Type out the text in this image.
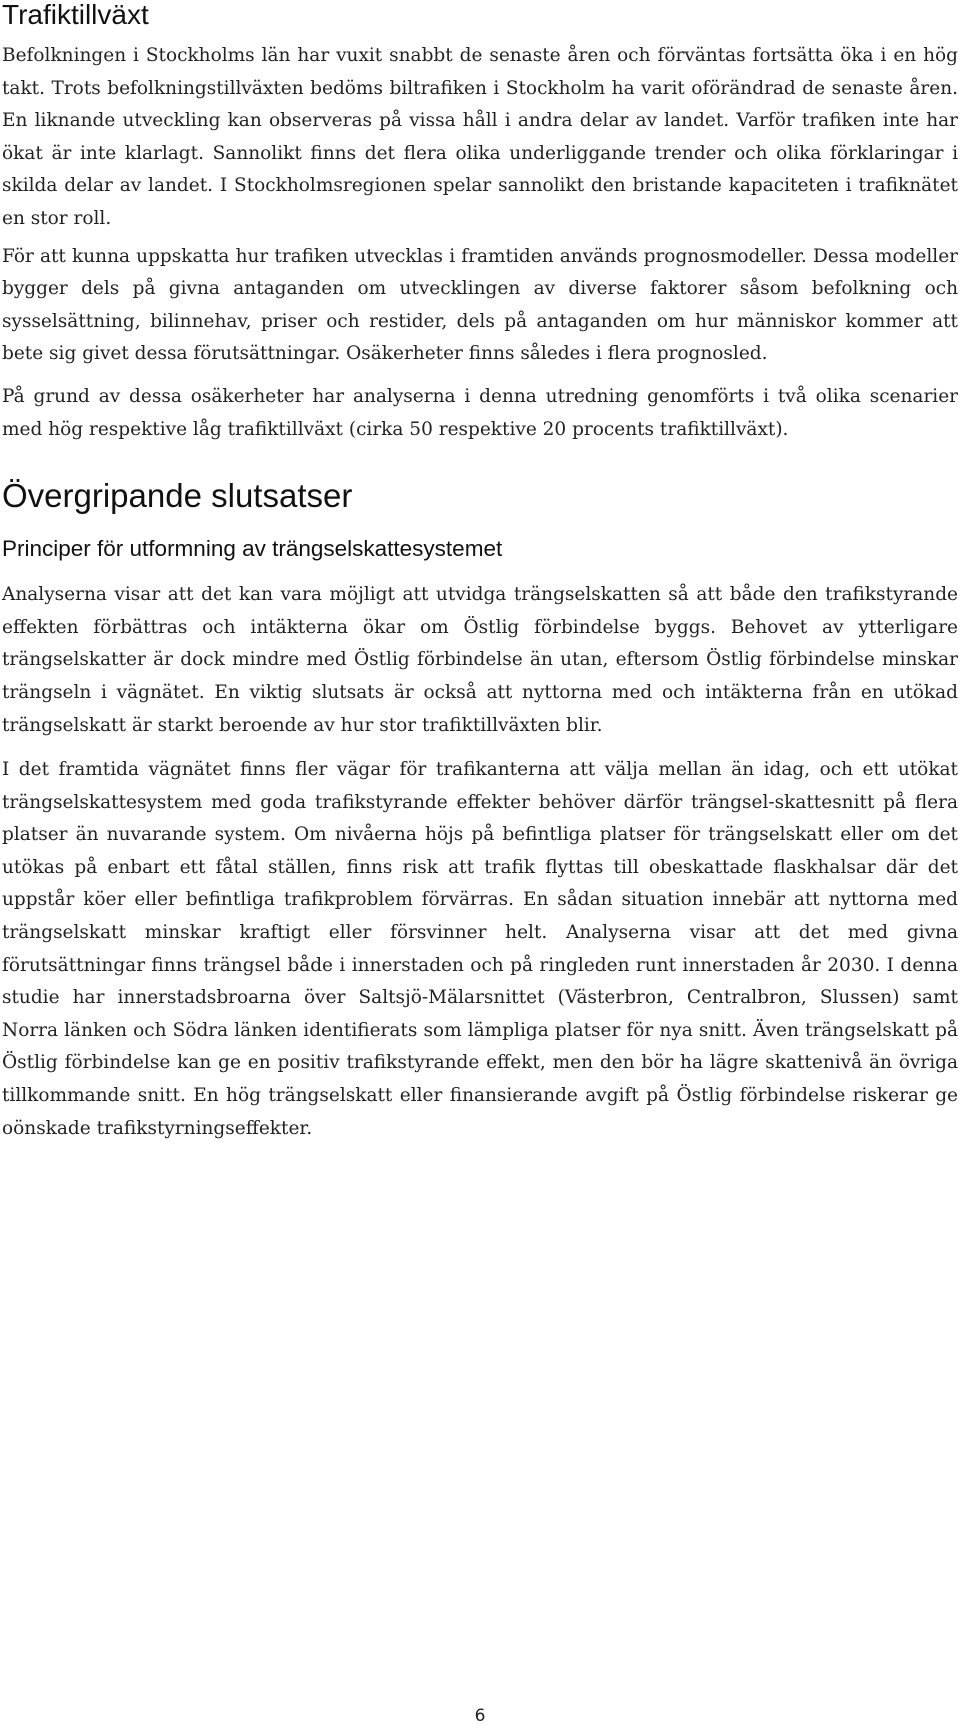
Trafiktillväxt

Befolkningen i Stockholms län har vuxit snabbt de senaste åren och förväntas fortsätta öka i en hög takt. Trots befolkningstillväxten bedöms biltrafiken i Stockholm ha varit oförändrad de senaste åren. En liknande utveckling kan observeras på vissa håll i andra delar av landet. Varför trafiken inte har ökat är inte klarlagt. Sannolikt finns det flera olika underliggande trender och olika förklaringar i skilda delar av landet. I Stockholmsregionen spelar sannolikt den bristande kapaciteten i trafiknätet en stor roll.

För att kunna uppskatta hur trafiken utvecklas i framtiden används prognosmodeller. Dessa modeller bygger dels på givna antaganden om utvecklingen av diverse faktorer såsom befolkning och sysselsättning, bilinnehav, priser och restider, dels på antaganden om hur människor kommer att bete sig givet dessa förutsättningar. Osäkerheter finns således i flera prognosled.

På grund av dessa osäkerheter har analyserna i denna utredning genomförts i två olika scenarier med hög respektive låg trafiktillväxt (cirka 50 respektive 20 procents trafiktillväxt).

Övergripande slutsatser
Principer för utformning av trängselskattesystemet

Analyserna visar att det kan vara möjligt att utvidga trängselskatten så att både den trafikstyrande effekten förbättras och intäkterna ökar om Östlig förbindelse byggs. Behovet av ytterligare trängselskatter är dock mindre med Östlig förbindelse än utan, eftersom Östlig förbindelse minskar trängseln i vägnätet. En viktig slutsats är också att nyttorna med och intäkterna från en utökad trängselskatt är starkt beroende av hur stor trafiktillväxten blir.

I det framtida vägnätet finns fler vägar för trafikanterna att välja mellan än idag, och ett utökat trängselskattesystem med goda trafikstyrande effekter behöver därför trängsel-skattesnitt på flera platser än nuvarande system. Om nivåerna höjs på befintliga platser för trängselskatt eller om det utökas på enbart ett fåtal ställen, finns risk att trafik flyttas till obeskattade flaskhalsar där det uppstår köer eller befintliga trafikproblem förvärras. En sådan situation innebär att nyttorna med trängselskatt minskar kraftigt eller försvinner helt. Analyserna visar att det med givna förutsättningar finns trängsel både i innerstaden och på ringleden runt innerstaden år 2030. I denna studie har innerstadsbroarna över Saltsjö-Mälarsnittet (Västerbron, Centralbron, Slussen) samt Norra länken och Södra länken identifierats som lämpliga platser för nya snitt. Även trängselskatt på Östlig förbindelse kan ge en positiv trafikstyrande effekt, men den bör ha lägre skattenivå än övriga tillkommande snitt. En hög trängselskatt eller finansierande avgift på Östlig förbindelse riskerar ge oönskade trafikstyrningseffekter.

6
